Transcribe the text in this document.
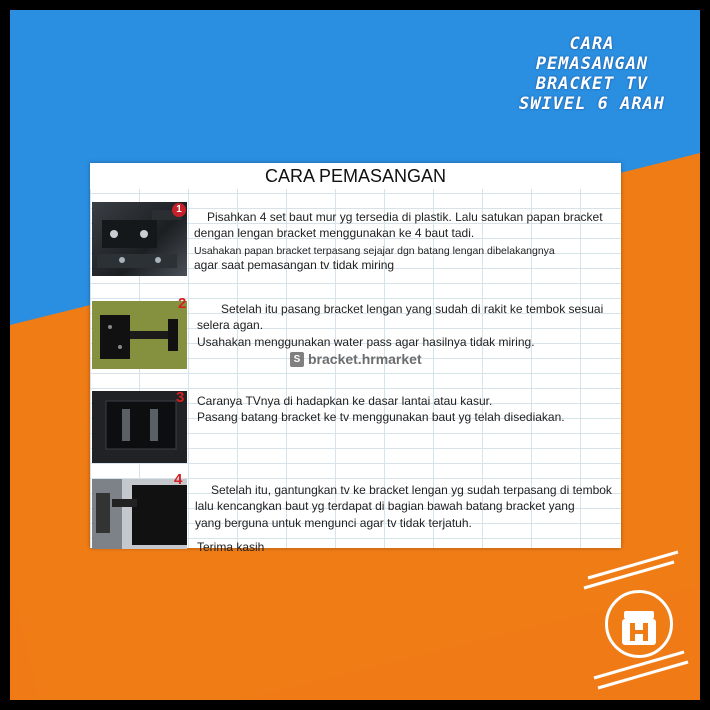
CARA
PEMASANGAN
BRACKET TV
SWIVEL 6 ARAH
CARA PEMASANGAN
1
Pisahkan 4 set baut mur yg tersedia di plastik. Lalu satukan papan bracket
dengan lengan bracket menggunakan ke 4 baut tadi.
Usahakan papan bracket terpasang sejajar dgn batang lengan dibelakangnya
agar saat pemasangan tv tidak miring
2	Setelah itu pasang bracket lengan yang sudah di rakit ke tembok sesuai
selera agan.
Usahakan menggunakan water pass agar hasilnya tidak miring.
S bracket.hrmarket
3 Caranya TVnya di hadapkan ke dasar lantai atau kasur.
Pasang batang bracket ke tv menggunakan baut yg telah disediakan.
4
Setelah itu, gantungkan tv ke bracket lengan yg sudah terpasang di tembok
lalu kencangkan baut yg terdapat di bagian bawah batang bracket yang
yang berguna untuk mengunci agar tv tidak terjatuh.
Terima kasih
